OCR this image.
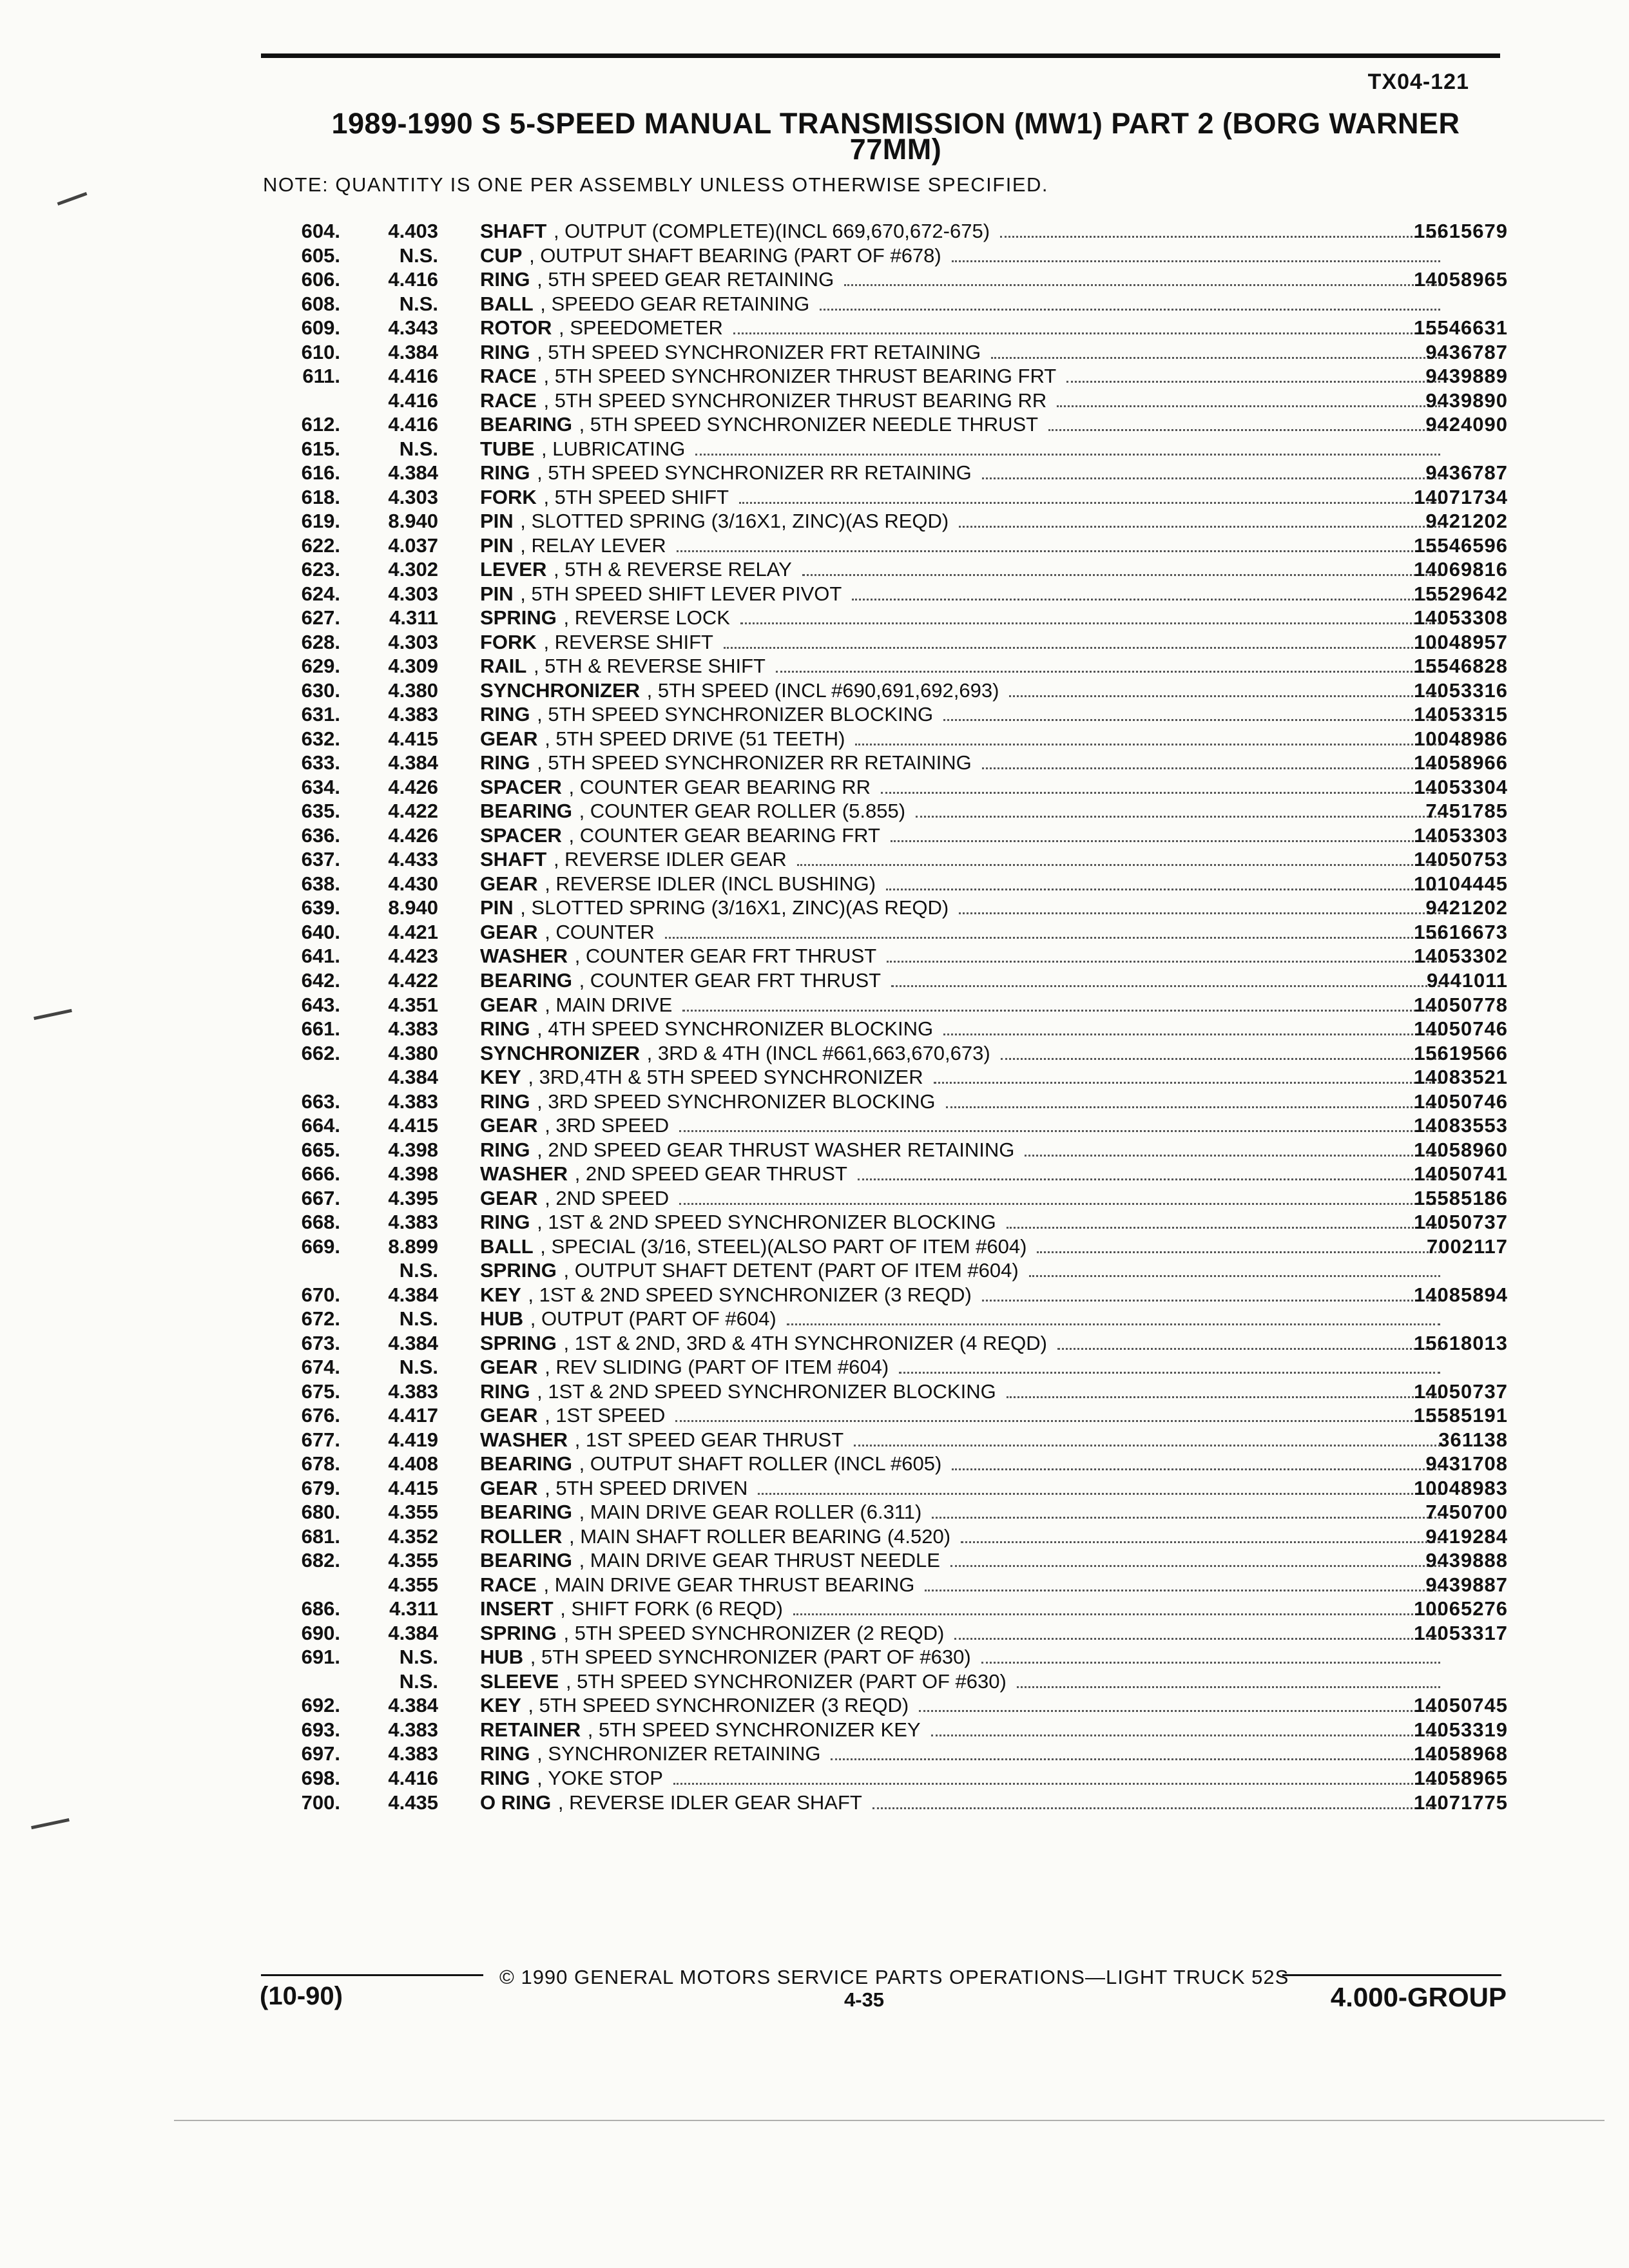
TX04-121
1989-1990 S 5-SPEED MANUAL TRANSMISSION (MW1) PART 2 (BORG WARNER 77MM)
NOTE: QUANTITY IS ONE PER ASSEMBLY UNLESS OTHERWISE SPECIFIED.
604. 4.403 SHAFT , OUTPUT (COMPLETE)(INCL 669,670,672-675)	15615679
605.	N.S. CUP , OUTPUT SHAFT BEARING (PART OF #678)
606. 4.416 RING , 5TH SPEED GEAR RETAINING	14058965
608.	N.S. BALL , SPEEDO GEAR RETAINING
609. 4.343 ROTOR , SPEEDOMETER	15546631
610. 4.384 RING , 5TH SPEED SYNCHRONIZER FRT RETAINING	9436787
611. 4.416 RACE , 5TH SPEED SYNCHRONIZER THRUST BEARING FRT	9439889
4.416 RACE , 5TH SPEED SYNCHRONIZER THRUST BEARING RR	9439890
612. 4.416 BEARING , 5TH SPEED SYNCHRONIZER NEEDLE THRUST	9424090
615.	N.S. TUBE , LUBRICATING
616. 4.384 RING , 5TH SPEED SYNCHRONIZER RR RETAINING	9436787
618. 4.303 FORK , 5TH SPEED SHIFT	14071734
619. 8.940 PIN , SLOTTED SPRING (3/16X1, ZINC)(AS REQD)	9421202
622. 4.037 PIN , RELAY LEVER	15546596
623. 4.302 LEVER , 5TH & REVERSE RELAY	14069816
624. 4.303 PIN , 5TH SPEED SHIFT LEVER PIVOT	15529642
627. 4.311 SPRING , REVERSE LOCK	14053308
628. 4.303 FORK , REVERSE SHIFT	10048957
629. 4.309 RAIL , 5TH & REVERSE SHIFT	15546828
630. 4.380 SYNCHRONIZER , 5TH SPEED (INCL #690,691,692,693)	14053316
631. 4.383 RING , 5TH SPEED SYNCHRONIZER BLOCKING	14053315
632. 4.415 GEAR , 5TH SPEED DRIVE (51 TEETH)	10048986
633. 4.384 RING , 5TH SPEED SYNCHRONIZER RR RETAINING	14058966
634. 4.426 SPACER , COUNTER GEAR BEARING RR	14053304
635. 4.422 BEARING , COUNTER GEAR ROLLER (5.855)	7451785
636. 4.426 SPACER , COUNTER GEAR BEARING FRT	14053303
637. 4.433 SHAFT , REVERSE IDLER GEAR	14050753
638. 4.430 GEAR , REVERSE IDLER (INCL BUSHING)	10104445
639. 8.940 PIN , SLOTTED SPRING (3/16X1, ZINC)(AS REQD)	9421202
640. 4.421 GEAR , COUNTER	15616673
641. 4.423 WASHER , COUNTER GEAR FRT THRUST	14053302
642. 4.422 BEARING , COUNTER GEAR FRT THRUST	9441011
643. 4.351 GEAR , MAIN DRIVE	14050778
661. 4.383 RING , 4TH SPEED SYNCHRONIZER BLOCKING	14050746
662. 4.380 SYNCHRONIZER , 3RD & 4TH (INCL #661,663,670,673)	15619566
4.384 KEY , 3RD,4TH & 5TH SPEED SYNCHRONIZER	14083521
663. 4.383 RING , 3RD SPEED SYNCHRONIZER BLOCKING	14050746
664. 4.415 GEAR , 3RD SPEED	14083553
665. 4.398 RING , 2ND SPEED GEAR THRUST WASHER RETAINING	14058960
666. 4.398 WASHER , 2ND SPEED GEAR THRUST	14050741
667. 4.395 GEAR , 2ND SPEED	15585186
668. 4.383 RING , 1ST & 2ND SPEED SYNCHRONIZER BLOCKING	14050737
669. 8.899 BALL , SPECIAL (3/16, STEEL)(ALSO PART OF ITEM #604)	7002117
N.S. SPRING , OUTPUT SHAFT DETENT (PART OF ITEM #604)
670. 4.384 KEY , 1ST & 2ND SPEED SYNCHRONIZER (3 REQD)	14085894
672.	N.S. HUB , OUTPUT (PART OF #604)
673. 4.384 SPRING , 1ST & 2ND, 3RD & 4TH SYNCHRONIZER (4 REQD)	15618013
674.	N.S. GEAR , REV SLIDING (PART OF ITEM #604)
675. 4.383 RING , 1ST & 2ND SPEED SYNCHRONIZER BLOCKING	14050737
676. 4.417 GEAR , 1ST SPEED	15585191
677. 4.419 WASHER , 1ST SPEED GEAR THRUST	361138
678. 4.408 BEARING , OUTPUT SHAFT ROLLER (INCL #605)	9431708
679. 4.415 GEAR , 5TH SPEED DRIVEN	10048983
680. 4.355 BEARING , MAIN DRIVE GEAR ROLLER (6.311)	7450700
681. 4.352 ROLLER , MAIN SHAFT ROLLER BEARING (4.520)	9419284
682. 4.355 BEARING , MAIN DRIVE GEAR THRUST NEEDLE	9439888
4.355 RACE , MAIN DRIVE GEAR THRUST BEARING	9439887
686. 4.311 INSERT , SHIFT FORK (6 REQD)	10065276
690. 4.384 SPRING , 5TH SPEED SYNCHRONIZER (2 REQD)	14053317
691.	N.S. HUB , 5TH SPEED SYNCHRONIZER (PART OF #630)
N.S. SLEEVE , 5TH SPEED SYNCHRONIZER (PART OF #630)
692. 4.384 KEY , 5TH SPEED SYNCHRONIZER (3 REQD)	14050745
693. 4.383 RETAINER , 5TH SPEED SYNCHRONIZER KEY	14053319
697. 4.383 RING , SYNCHRONIZER RETAINING	14058968
698. 4.416 RING , YOKE STOP	14058965
700. 4.435 O RING , REVERSE IDLER GEAR SHAFT	14071775
© 1990 GENERAL MOTORS SERVICE PARTS OPERATIONS—LIGHT TRUCK 52S
(10-90)	4-35	4.000-GROUP
